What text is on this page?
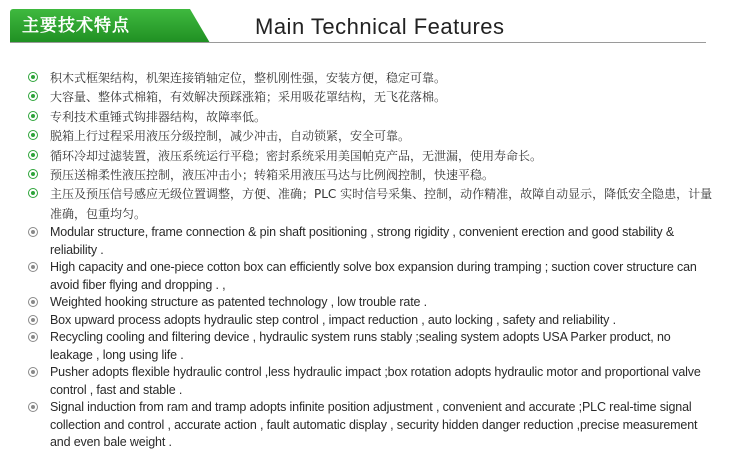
主要技术特点	Main Technical Features
积木式框架结构，机架连接销轴定位，整机刚性强，安装方便，稳定可靠。
大容量、整体式棉箱，有效解决预踩涨箱；采用吸花罩结构，无飞花落棉。
专利技术重锤式钩排器结构，故障率低。
脱箱上行过程采用液压分级控制，减少冲击，自动锁紧，安全可靠。
循环冷却过滤装置，液压系统运行平稳；密封系统采用美国帕克产品，无泄漏，使用寿命长。
预压送棉柔性液压控制，液压冲击小；转箱采用液压马达与比例阀控制，快速平稳。
主压及预压信号感应无级位置调整，方便、准确；PLC 实时信号采集、控制，动作精准，故障自动显示，降低安全隐患，计量准确，包重均匀。
Modular structure, frame connection & pin shaft positioning , strong rigidity , convenient erection and good stability & reliability .
High capacity and one-piece cotton box can efficiently solve box expansion during tramping ; suction cover structure can avoid fiber flying and dropping . ,
Weighted hooking structure as patented technology , low trouble rate .
Box upward process adopts hydraulic step control , impact reduction , auto locking , safety and reliability .
Recycling cooling and filtering device , hydraulic system runs stably ;sealing system adopts USA Parker product, no leakage , long using life .
Pusher adopts flexible hydraulic control ,less hydraulic impact ;box rotation adopts hydraulic motor and proportional valve control , fast and stable .
Signal induction from ram and tramp adopts infinite position adjustment , convenient and accurate ;PLC real-time signal collection and control , accurate action , fault automatic display , security hidden danger reduction ,precise measurement and even bale weight .
